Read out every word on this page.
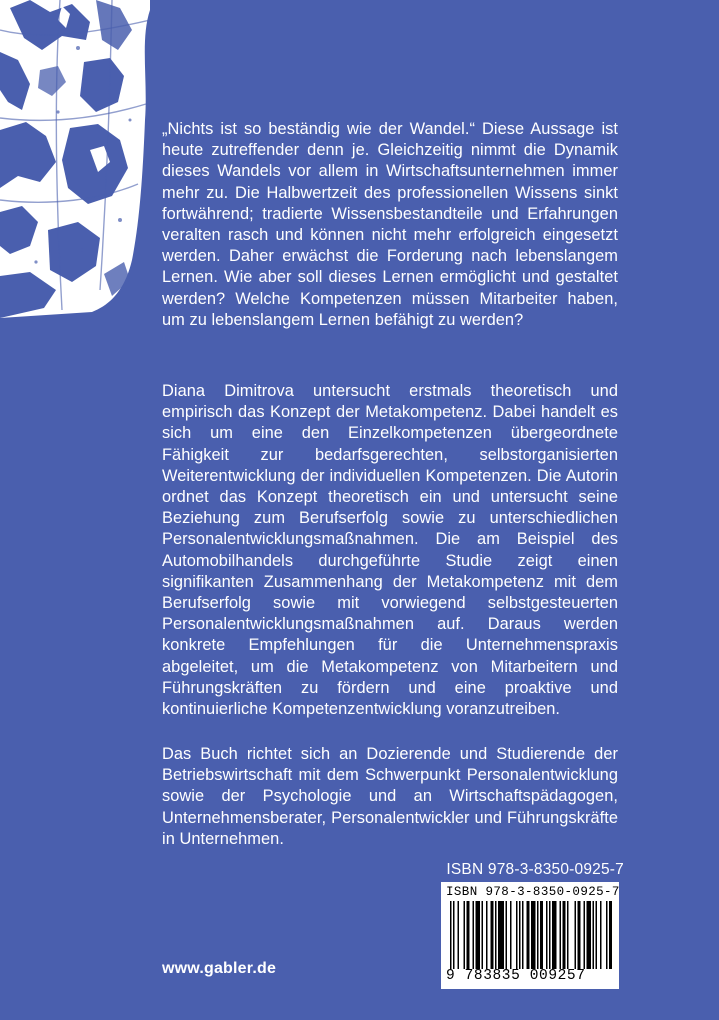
„Nichts ist so beständig wie der Wandel.“ Diese Aussage ist heute zutreffender denn je. Gleichzeitig nimmt die Dynamik dieses Wandels vor allem in Wirtschaftsunternehmen immer mehr zu. Die Halbwertzeit des professionellen Wissens sinkt fortwährend; tradierte Wissensbestandteile und Erfahrungen veralten rasch und können nicht mehr erfolgreich eingesetzt werden. Daher erwächst die Forderung nach lebenslangem Lernen. Wie aber soll dieses Lernen ermöglicht und gestaltet werden? Welche Kompetenzen müssen Mitarbeiter haben, um zu lebenslangem Lernen befähigt zu werden?
Diana Dimitrova untersucht erstmals theoretisch und empirisch das Konzept der Metakompetenz. Dabei handelt es sich um eine den Einzelkompetenzen übergeordnete Fähigkeit zur bedarfsgerechten, selbstorganisierten Weiterentwicklung der individuellen Kompetenzen. Die Autorin ordnet das Konzept theoretisch ein und untersucht seine Beziehung zum Berufserfolg sowie zu unterschiedlichen Personalentwicklungsmaßnahmen. Die am Beispiel des Automobilhandels durchgeführte Studie zeigt einen signifikanten Zusammenhang der Metakompetenz mit dem Berufserfolg sowie mit vorwiegend selbstgesteuerten Personalentwicklungsmaßnahmen auf. Daraus werden konkrete Empfehlungen für die Unternehmenspraxis abgeleitet, um die Metakompetenz von Mitarbeitern und Führungskräften zu fördern und eine proaktive und kontinuierliche Kompetenzentwicklung voranzutreiben.
Das Buch richtet sich an Dozierende und Studierende der Betriebswirtschaft mit dem Schwerpunkt Personalentwicklung sowie der Psychologie und an Wirtschaftspädagogen, Unternehmensberater, Personalentwickler und Führungskräfte in Unternehmen.
ISBN 978-3-8350-0925-7
ISBN 978-3-8350-0925-7
9 783835 009257
www.gabler.de
